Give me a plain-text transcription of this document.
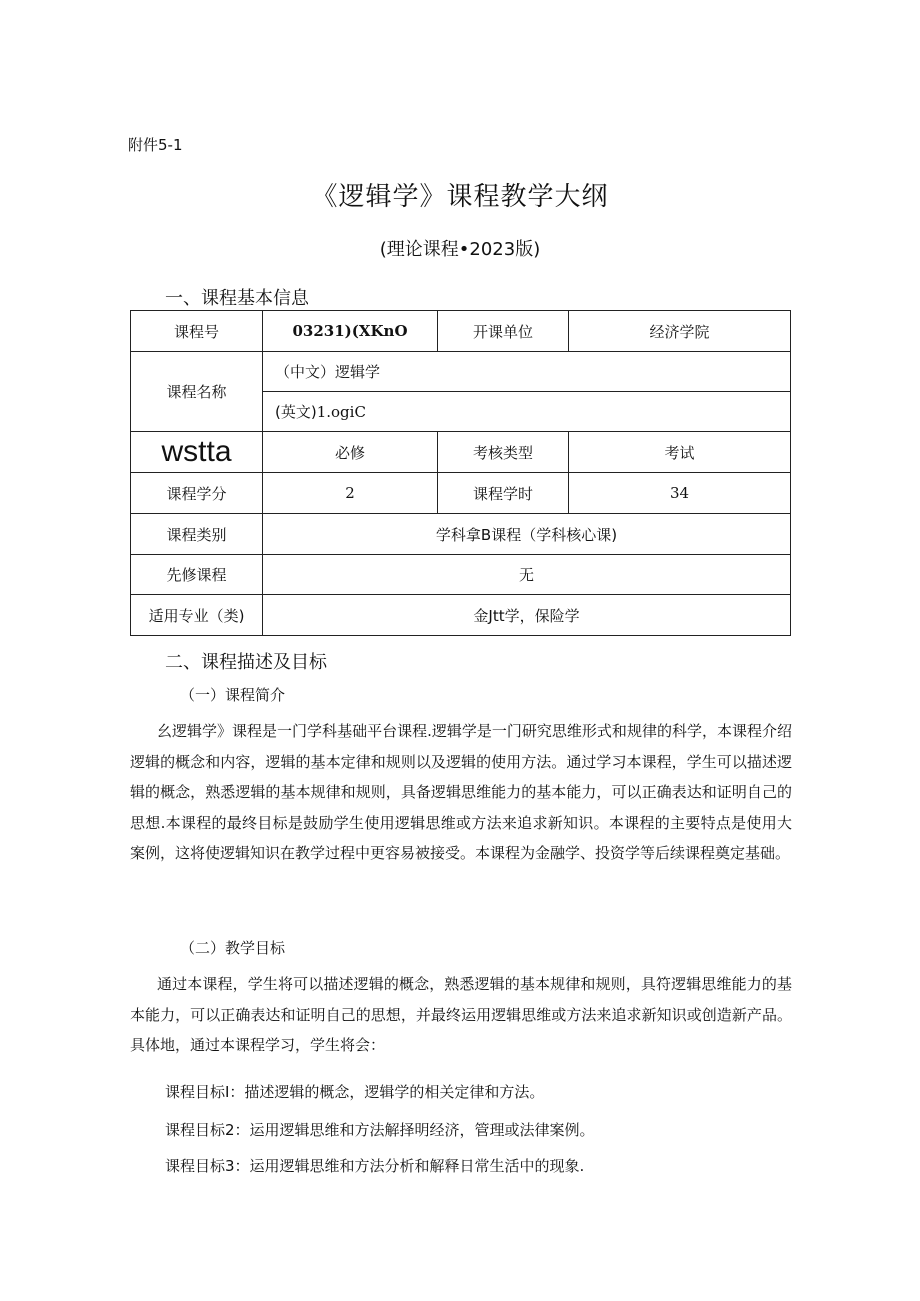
附件5-1
《逻辑学》课程教学大纲
(理论课程•2023版)
一、课程基本信息
课程号	03231)(XKnO	开课单位	经济学院
课程名称	（中文）逻辑学		
	(英文)1.ogiC		
wstta	必修	考核类型	考试
课程学分	2	课程学时	34
课程类别	学科拿B课程（学科核心课)		
先修课程	无		
适用专业（类)	金Jtt学，保险学		
二、课程描述及目标
（一）课程简介
幺逻辑学》课程是一门学科基础平台课程.逻辑学是一门研究思维形式和规律的科学，本课程介绍逻辑的概念和内容，逻辑的基本定律和规则以及逻辑的使用方法。通过学习本课程，学生可以描述逻辑的概念，熟悉逻辑的基本规律和规则，具备逻辑思维能力的基本能力，可以正确表达和证明自己的思想.本课程的最终目标是鼓励学生使用逻辑思维或方法来追求新知识。本课程的主要特点是使用大案例，这将使逻辑知识在教学过程中更容易被接受。本课程为金融学、投资学等后续课程奠定基础。
（二）教学目标
通过本课程，学生将可以描述逻辑的概念，熟悉逻辑的基本规律和规则，具符逻辑思维能力的基本能力，可以正确表达和证明自己的思想，并最终运用逻辑思维或方法来追求新知识或创造新产品。具体地，通过本课程学习，学生将会：
课程目标I：描述逻辑的概念，逻辑学的相关定律和方法。
课程目标2：运用逻辑思维和方法解择明经济，管理或法律案例。
课程目标3：运用逻辑思维和方法分析和解释日常生活中的现象.
